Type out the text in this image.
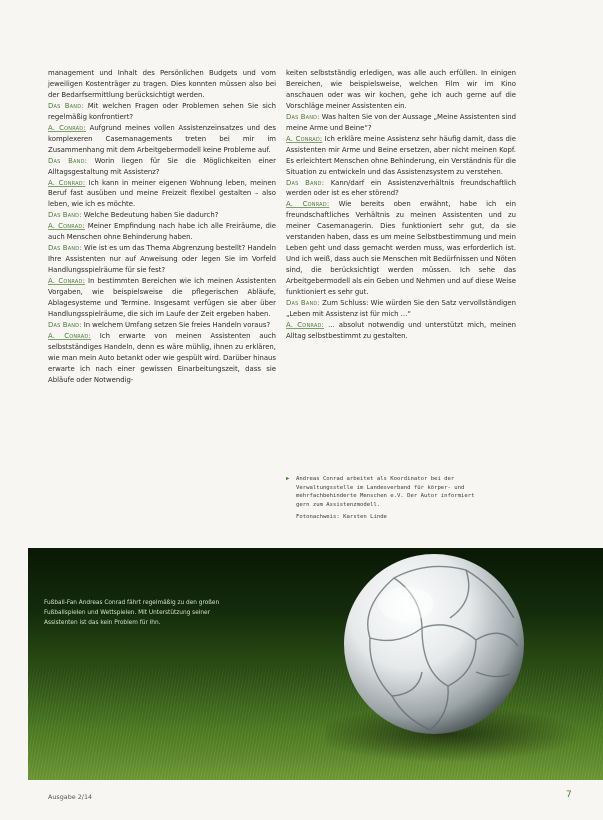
management und Inhalt des Persönlichen Budgets und vom jeweiligen Kostenträger zu tragen. Dies konnten müssen also bei der Bedarfsermittlung berücksichtigt werden.

Das Band: Mit welchen Fragen oder Problemen sehen Sie sich regelmäßig konfrontiert?

A. Conrad: Aufgrund meines vollen Assistenzeinsatzes und des komplexeren Casemanagements treten bei mir im Zusammenhang mit dem Arbeitgebermodell keine Probleme auf.

Das Band: Worin liegen für Sie die Möglichkeiten einer Alltagsgestaltung mit Assistenz?

A. Conrad: Ich kann in meiner eigenen Wohnung leben, meinen Beruf fast ausüben und meine Freizeit flexibel gestalten – also leben, wie ich es möchte.

Das Band: Welche Bedeutung haben Sie dadurch?

A. Conrad: Meiner Empfindung nach habe ich alle Freiräume, die auch Menschen ohne Behinderung haben.

Das Band: Wie ist es um das Thema Abgrenzung bestellt? Handeln Ihre Assistenten nur auf Anweisung oder legen Sie im Vorfeld Handlungsspielräume für sie fest?

A. Conrad: In bestimmten Bereichen wie ich meinen Assistenten Vorgaben, wie beispielsweise die pflegerischen Abläufe, Ablagesysteme und Termine. Insgesamt verfügen sie aber über Handlungsspielräume, die sich im Laufe der Zeit ergeben haben.

Das Band: In welchem Umfang setzen Sie freies Handeln voraus?

A. Conrad: Ich erwarte von meinen Assistenten auch selbstständiges Handeln, denn es wäre mühlig, ihnen zu erklären, wie man mein Auto betankt oder wie gespült wird. Darüber hinaus erwarte ich nach einer gewissen Einarbeitungszeit, dass sie Abläufe oder Notwendig-

keiten selbstständig erledigen, was alle auch erfüllen. In einigen Bereichen, wie beispielsweise, welchen Film wir im Kino anschauen oder was wir kochen, gehe ich auch gerne auf die Vorschläge meiner Assistenten ein.

Das Band: Was halten Sie von der Aussage „Meine Assistenten sind meine Arme und Beine“?

A. Conrad: Ich erkläre meine Assistenz sehr häufig damit, dass die Assistenten mir Arme und Beine ersetzen, aber nicht meinen Kopf. Es erleichtert Menschen ohne Behinderung, ein Verständnis für die Situation zu entwickeln und das Assistenzsystem zu verstehen.

Das Band: Kann/darf ein Assistenzverhältnis freundschaftlich werden oder ist es eher störend?

A. Conrad: Wie bereits oben erwähnt, habe ich ein freundschaftliches Verhältnis zu meinen Assistenten und zu meiner Casemanagerin. Dies funktioniert sehr gut, da sie verstanden haben, dass es um meine Selbstbestimmung und mein Leben geht und dass gemacht werden muss, was erforderlich ist. Und ich weiß, dass auch sie Menschen mit Bedürfnissen und Nöten sind, die berücksichtigt werden müssen. Ich sehe das Arbeitgebermodell als ein Geben und Nehmen und auf diese Weise funktioniert es sehr gut.

Das Band: Zum Schluss: Wie würden Sie den Satz vervollständigen „Leben mit Assistenz ist für mich …“

A. Conrad: … absolut notwendig und unterstützt mich, meinen Alltag selbstbestimmt zu gestalten.

▶	Andreas Conrad arbeitet als Koordinator bei der Verwaltungsstelle im Landesverband für körper- und mehrfachbehinderte Menschen e.V. Der Autor informiert gern zum Assistenzmodell.
Fotonachweis: Karsten Linde
Fußball-Fan Andreas Conrad fährt regelmäßig zu den großen Fußballspielen und Wettspielen. Mit Unterstützung seiner Assistenten ist das kein Problem für ihn.
Ausgabe 2/14	7
